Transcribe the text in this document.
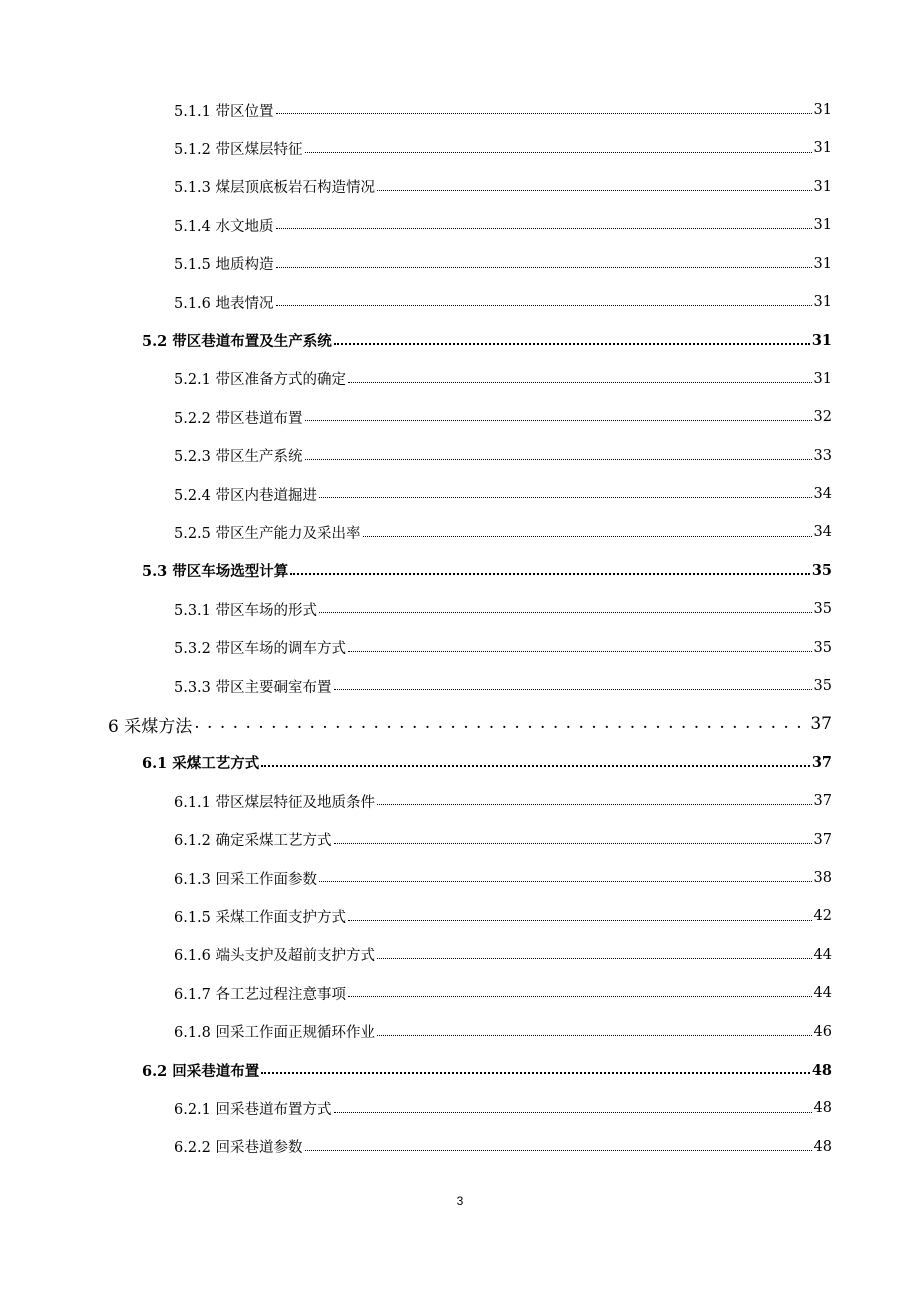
5.1.1 带区位置	31
5.1.2 带区煤层特征	31
5.1.3 煤层顶底板岩石构造情况	31
5.1.4 水文地质	31
5.1.5 地质构造	31
5.1.6 地表情况	31
5.2 带区巷道布置及生产系统	31
5.2.1 带区准备方式的确定	31
5.2.2 带区巷道布置	32
5.2.3 带区生产系统	33
5.2.4 带区内巷道掘进	34
5.2.5 带区生产能力及采出率	34
5.3 带区车场选型计算	35
5.3.1 带区车场的形式	35
5.3.2 带区车场的调车方式	35
5.3.3 带区主要硐室布置	35
6 采煤方法 . . .	37
6.1 采煤工艺方式	37
6.1.1 带区煤层特征及地质条件	37
6.1.2 确定采煤工艺方式	37
6.1.3 回采工作面参数	38
6.1.5 采煤工作面支护方式	42
6.1.6 端头支护及超前支护方式	44
6.1.7 各工艺过程注意事项	44
6.1.8 回采工作面正规循环作业	46
6.2 回采巷道布置	48
6.2.1 回采巷道布置方式	48
6.2.2 回采巷道参数	48
3
